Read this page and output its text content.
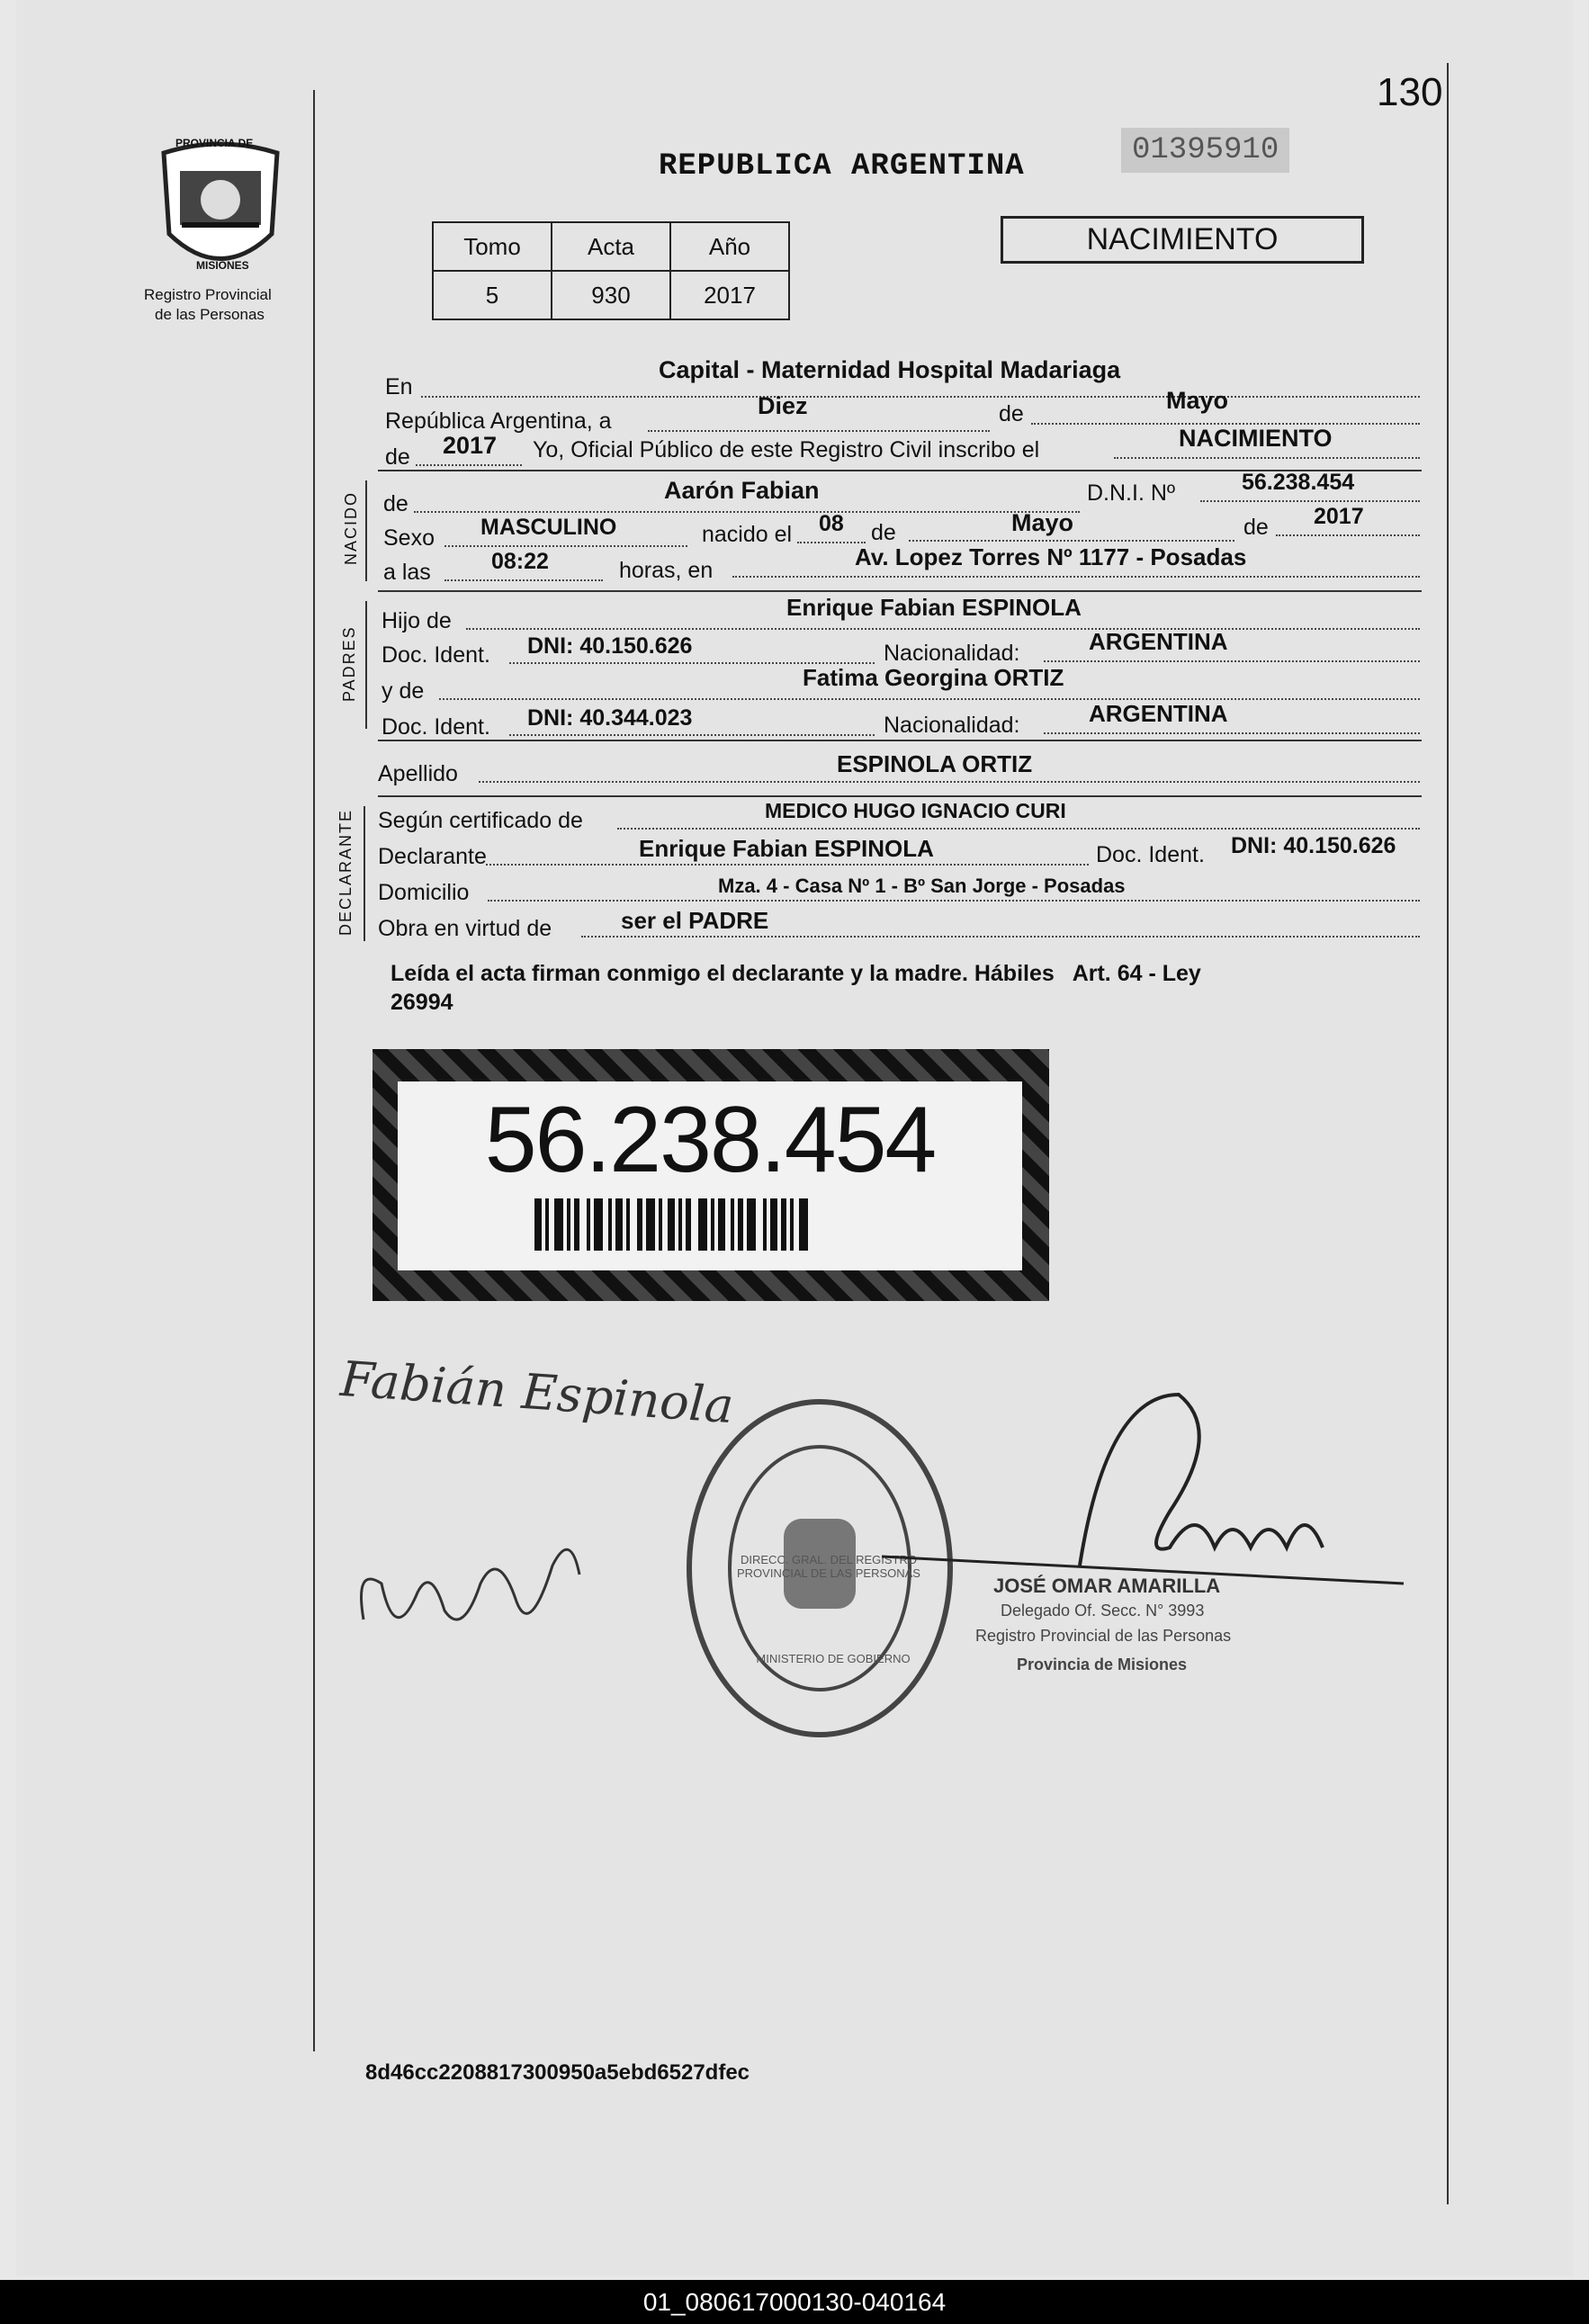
130
PROVINCIA DE
MISIONES
Registro Provincial
de las Personas
REPUBLICA ARGENTINA	01395910
Tomo	Acta	Año
5	930	2017
NACIMIENTO
En
Capital - Maternidad Hospital Madariaga
República Argentina, a
Diez	de	Mayo
de 2017 Yo, Oficial Público de este Registro Civil inscribo el	NACIMIENTO
NACIDO de	Aarón Fabian	D.N.I. Nº	56.238.454
Sexo MASCULINO	nacido el 08 de	Mayo	de 2017
a las	08:22	horas, en	Av. Lopez Torres Nº 1177 - Posadas
PADRES
Hijo de	Enrique Fabian ESPINOLA
Doc. Ident. DNI: 40.150.626	Nacionalidad:	ARGENTINA
y de	Fatima Georgina ORTIZ
Doc. Ident. DNI: 40.344.023	Nacionalidad:	ARGENTINA
Apellido	ESPINOLA ORTIZ
DECLARANTE Según certificado de	MEDICO HUGO IGNACIO CURI
Declarante	Enrique Fabian ESPINOLA	Doc. Ident. DNI: 40.150.626
Domicilio	Mza. 4 - Casa Nº 1 - Bº San Jorge - Posadas
Obra en virtud de	ser el PADRE
Leída el acta firman conmigo el declarante y la madre. Hábiles   Art. 64 - Ley
26994
56.238.454
Fabián Espinola
DIRECC. GRAL. DEL REGISTRO PROVINCIAL DE LAS PERSONAS
MINISTERIO DE GOBIERNO
JOSÉ OMAR AMARILLA
Delegado Of. Secc. N° 3993
Registro Provincial de las Personas
Provincia de Misiones
8d46cc2208817300950a5ebd6527dfec
01_080617000130-040164
